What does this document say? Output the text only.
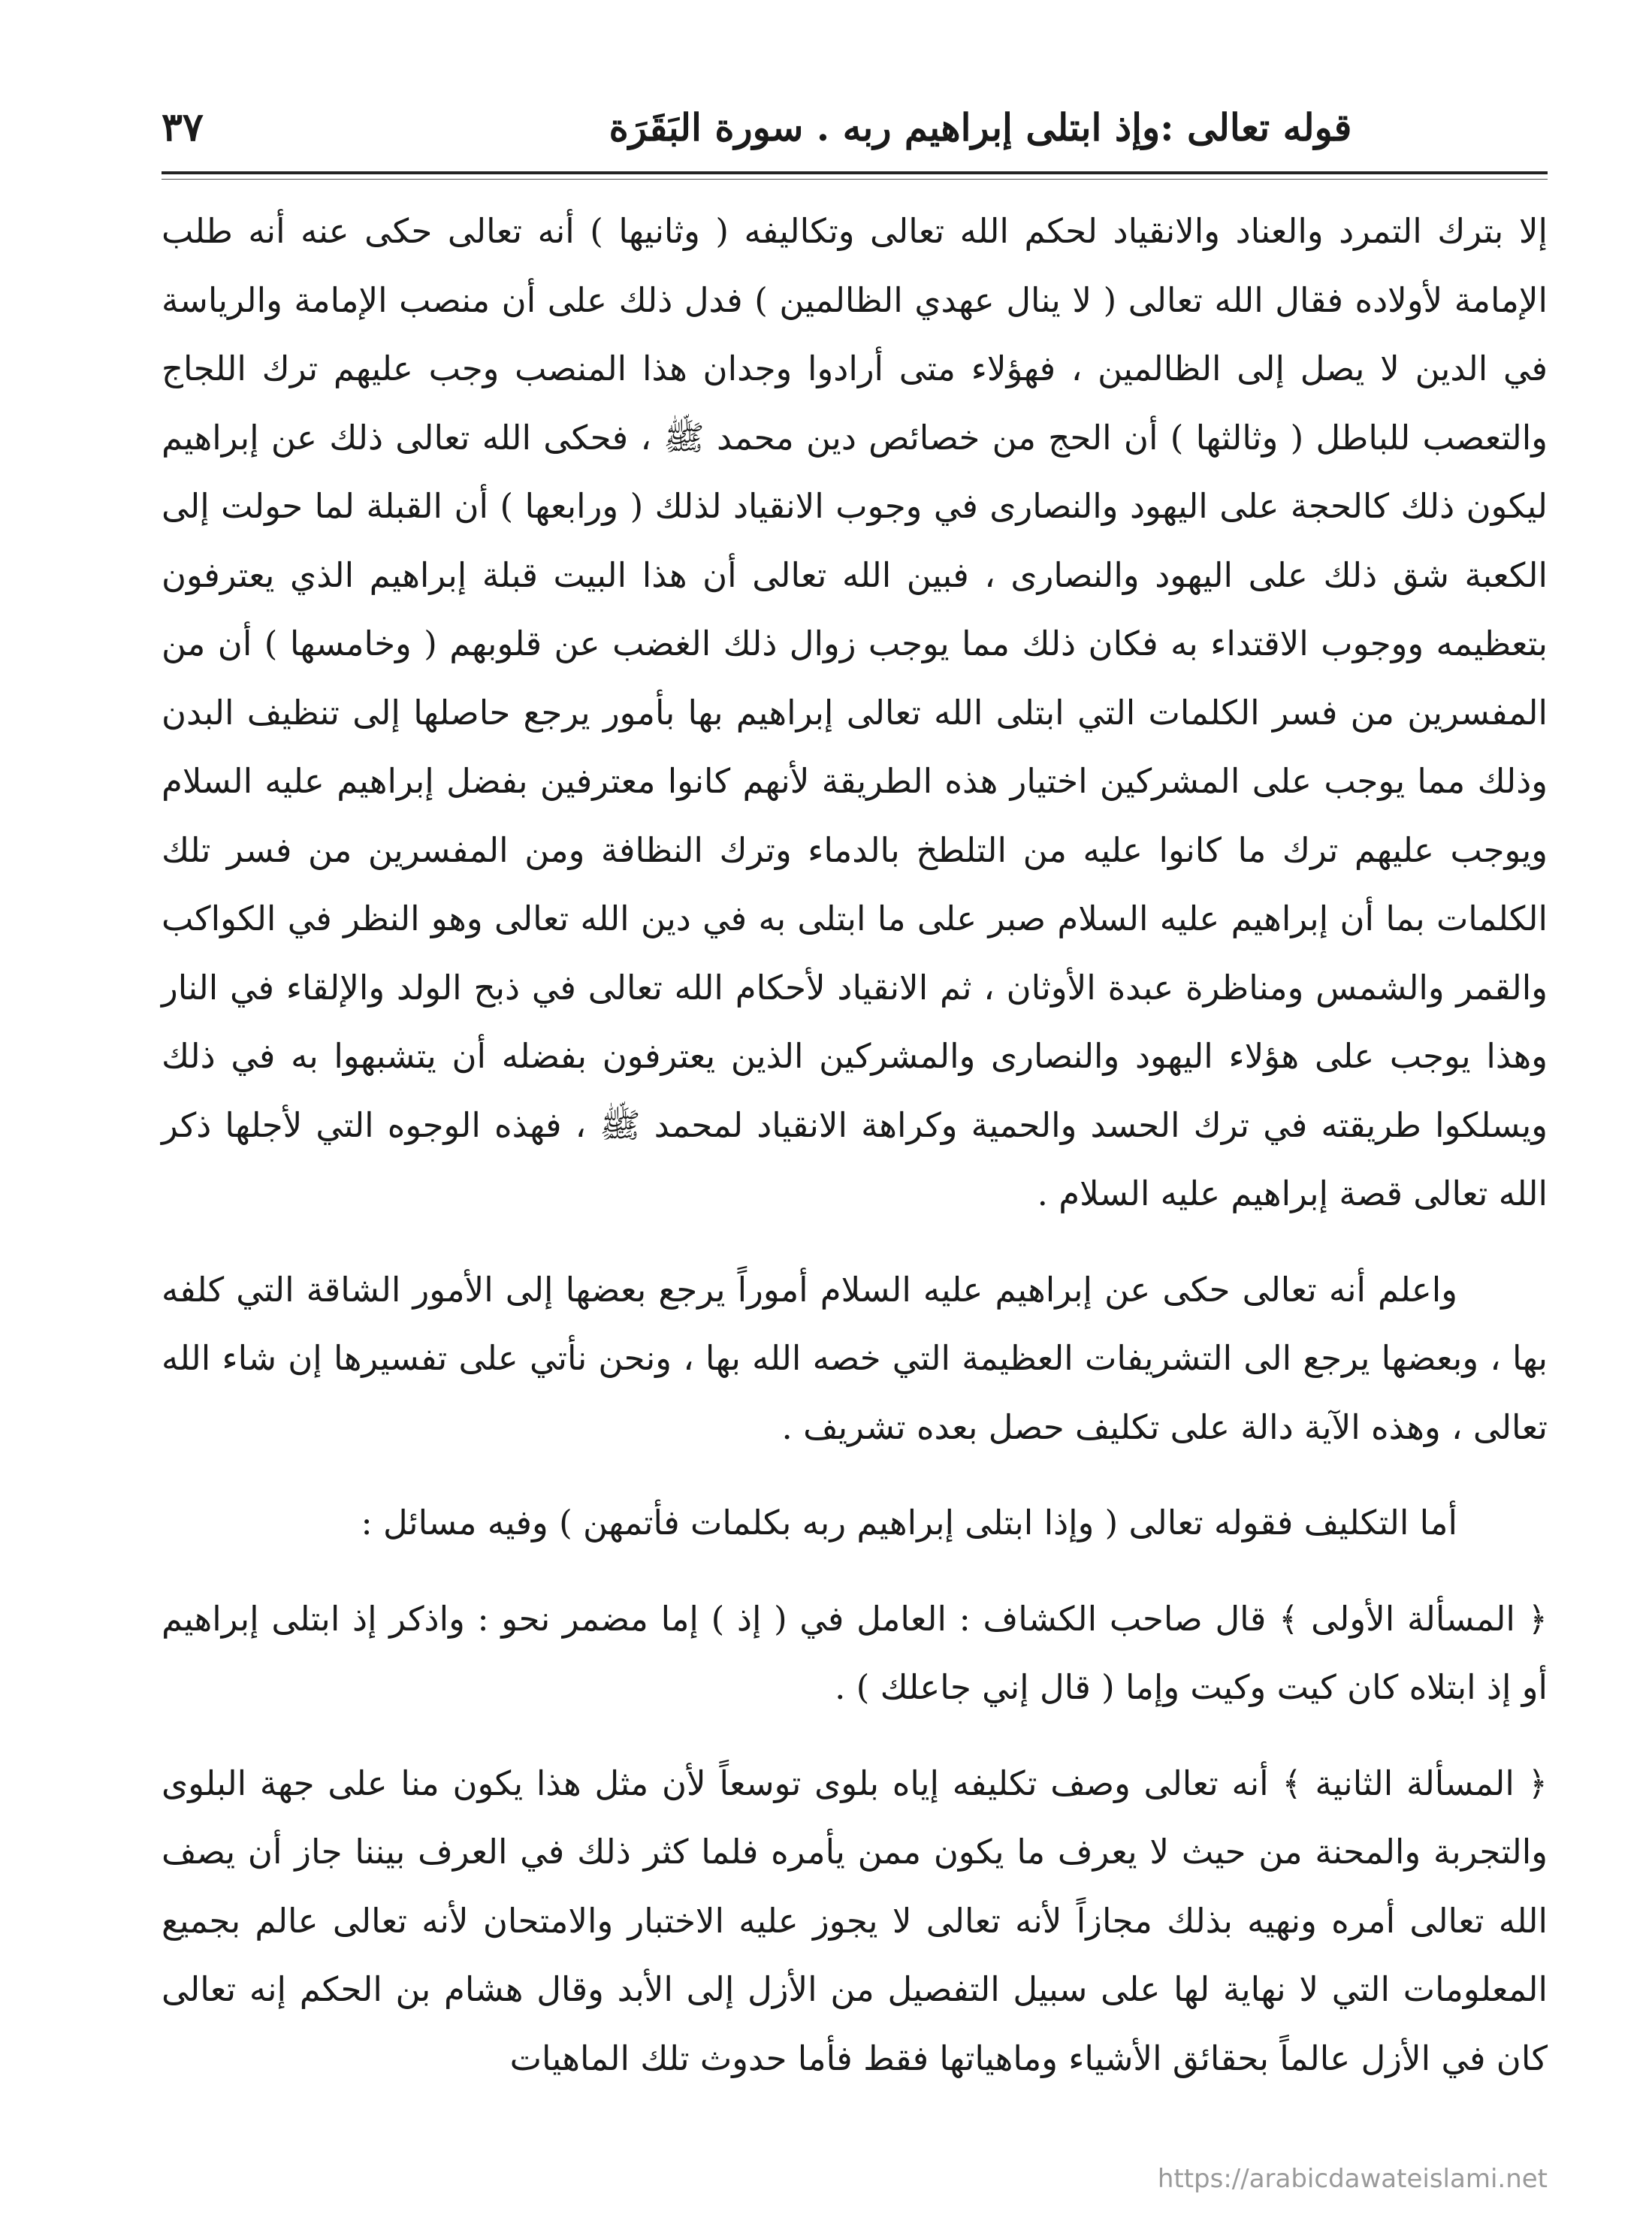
قوله تعالى :وإذ ابتلى إبراهيم ربه . سورة البَقَرَة
٣٧

إلا بترك التمرد والعناد والانقياد لحكم الله تعالى وتكاليفه ( وثانيها ) أنه تعالى حكى عنه أنه طلب الإمامة لأولاده فقال الله تعالى ( لا ينال عهدي الظالمين ) فدل ذلك على أن منصب الإمامة والرياسة في الدين لا يصل إلى الظالمين ، فهؤلاء متى أرادوا وجدان هذا المنصب وجب عليهم ترك اللجاج والتعصب للباطل ( وثالثها ) أن الحج من خصائص دين محمد ﷺ ، فحكى الله تعالى ذلك عن إبراهيم ليكون ذلك كالحجة على اليهود والنصارى في وجوب الانقياد لذلك ( ورابعها ) أن القبلة لما حولت إلى الكعبة شق ذلك على اليهود والنصارى ، فبين الله تعالى أن هذا البيت قبلة إبراهيم الذي يعترفون بتعظيمه ووجوب الاقتداء به فكان ذلك مما يوجب زوال ذلك الغضب عن قلوبهم ( وخامسها ) أن من المفسرين من فسر الكلمات التي ابتلى الله تعالى إبراهيم بها بأمور يرجع حاصلها إلى تنظيف البدن وذلك مما يوجب على المشركين اختيار هذه الطريقة لأنهم كانوا معترفين بفضل إبراهيم عليه السلام ويوجب عليهم ترك ما كانوا عليه من التلطخ بالدماء وترك النظافة ومن المفسرين من فسر تلك الكلمات بما أن إبراهيم عليه السلام صبر على ما ابتلى به في دين الله تعالى وهو النظر في الكواكب والقمر والشمس ومناظرة عبدة الأوثان ، ثم الانقياد لأحكام الله تعالى في ذبح الولد والإلقاء في النار وهذا يوجب على هؤلاء اليهود والنصارى والمشركين الذين يعترفون بفضله أن يتشبهوا به في ذلك ويسلكوا طريقته في ترك الحسد والحمية وكراهة الانقياد لمحمد ﷺ ، فهذه الوجوه التي لأجلها ذكر الله تعالى قصة إبراهيم عليه السلام .

واعلم أنه تعالى حكى عن إبراهيم عليه السلام أموراً يرجع بعضها إلى الأمور الشاقة التي كلفه بها ، وبعضها يرجع الى التشريفات العظيمة التي خصه الله بها ، ونحن نأتي على تفسيرها إن شاء الله تعالى ، وهذه الآية دالة على تكليف حصل بعده تشريف .

أما التكليف فقوله تعالى ( وإذا ابتلى إبراهيم ربه بكلمات فأتمهن ) وفيه مسائل :

﴿ المسألة الأولى ﴾ قال صاحب الكشاف : العامل في ( إذ ) إما مضمر نحو : واذكر إذ ابتلى إبراهيم أو إذ ابتلاه كان كيت وكيت وإما ( قال إني جاعلك ) .

﴿ المسألة الثانية ﴾ أنه تعالى وصف تكليفه إياه بلوى توسعاً لأن مثل هذا يكون منا على جهة البلوى والتجربة والمحنة من حيث لا يعرف ما يكون ممن يأمره فلما كثر ذلك في العرف بيننا جاز أن يصف الله تعالى أمره ونهيه بذلك مجازاً لأنه تعالى لا يجوز عليه الاختبار والامتحان لأنه تعالى عالم بجميع المعلومات التي لا نهاية لها على سبيل التفصيل من الأزل إلى الأبد وقال هشام بن الحكم إنه تعالى كان في الأزل عالماً بحقائق الأشياء وماهياتها فقط فأما حدوث تلك الماهيات

https://arabicdawateislami.net
